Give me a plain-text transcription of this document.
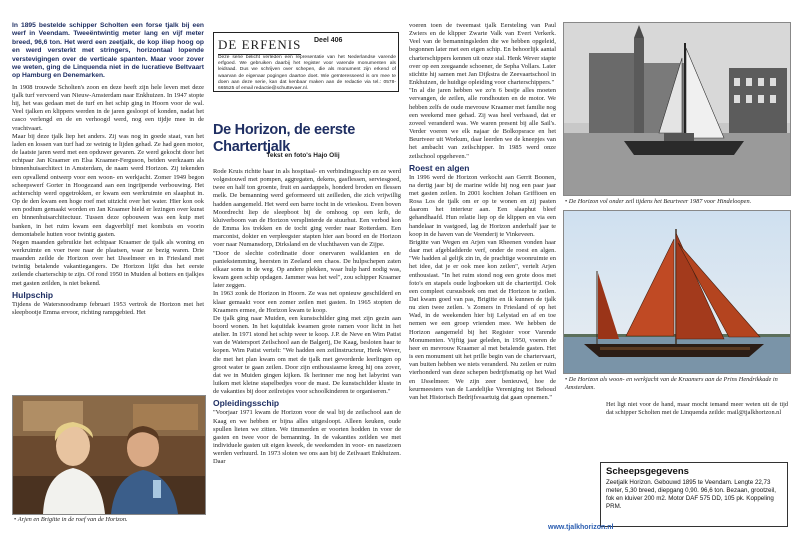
In 1895 bestelde schipper Scholten een forse tjalk bij een werf in Veendam. Tweeëntwintig meter lang en vijf meter breed, 96,6 ton. Het werd een zeetjalk, de kop iliep hoog op en werd versterkt met stringers, horizontaal lopende verstevigingen over de verticale spanten. Maar voor zover we weten, ging de Linquenda niet in de lucratieve Beltvaart op Hamburg en Denemarken.

In 1908 trouwde Scholten's zoon en deze heeft zijn hele leven met deze tjalk turf vervoerd van Nieuw-Amsterdam naar Enkhuizen. In 1947 stopte hij, het was gedaan met de turf en het schip ging in Hoorn voor de wal. Veel tjalken en klippers werden in de jaren gesloopt of konden, nadat het casco verlengd en de en verhoogd werd, nog een tijdje mee in de vrachtvaart.

Maar bij deze tjalk liep het anders. Zij was nog in goede staat, van het laden en lossen van turf had ze weinig te lijden gehad. Ze had geen motor, de laatste jaren werd met een opduwer gevaren. Ze werd gekocht door het echtpaar Jan Kraamer en Elsa Kraamer-Ferguson, beiden werkzaam als binnenhuisarchitect in Amsterdam, de naam werd Horizon. Zij tekenden een opvallend ontwerp voor een woon- en werkjacht. Zomer 1949 begon scheepswerf Gorter in Hoogezand aan een ingrijpende verbouwing. Het achterschip werd opgetrokken, er kwam een werkruimte en slaaphut in. Op de den kwam een hoge roef met uitzicht over het water. Hier kon ook een podium gemaakt worden en Jan Kraamer hield er lezingen over kunst en binnenhuisarchitectuur. Tussen deze opbouwen was een kuip met banken, in het ruim kwam een dagverblijf met kombuis en voorin demontabele hutten voor twintig gasten.

Negen maanden gebruikte het echtpaar Kraamer de tjalk als woning en werkruimte en voer twee naar de plaatsen, waar ze bezig waren. Drie maanden zeilde de Horizon over het IJsselmeer en in Friesland met twintig betalende vakantiegangers. De Horizon lijkt dus het eerste zeilende charterschip te zijn. Of rond 1950 in Muiden al botters en tjalkjes met gasten zeilden, is niet bekend.

Hulpschip

Tijdens de Watersnoodramp februari 1953 vertrok de Horizon met het sleepbootje Emma ervoor, richting rampgebied. Het

• Arjen en Brigitte in de roef van de Horizon.
DE ERFENIS Deel 406
Deze serie belicht verleden een representatie van het Nederlandse varende erfgoed. We gebruiken daarbij het register voor varende monumenten als leidraad. Dus we schrijven over schepen, die als monument zijn erkend of waarvan de eigenaar pogingen daartoe doet. Wie geïnteresseerd is om mee te doen aan deze serie, kan dat kenbaar maken aan de redactie via tel.: 0578-665525 of email redactie@schuttevaer.nl.
De Horizon, de eerste Chartertjalk
Tekst en foto's Hajo Olij

Rode Kruis richtte haar in als hospitaal- en verbindingsschip en ze werd volgestouwd met pompen, aggregaten, dekens, gasflessen, serviesgoed, twee en half ton groente, fruit en aardappels, honderd broden en flessen melk. De bemanning werd geformeerd uit zeilleden, die zich vrijwillig hadden aangemeld. Het werd een barre tocht in de vrieskou. Even boven Moordrecht liep de sleepboot bij de omhoog op een krib, de kluiverboom van de Horizon versplinterde de stuurhut. Een verbod kon de Emma los trekken en de tocht ging verder naar Rotterdam. Een marconist, dokter en verpleegster stapten hier aan boord en de Horizon voer naar Numansdorp, Dirksland en de vluchthaven van de Zijpe.

"Door de slechte coördinatie door onervaren walklanten en de paniekstemming, heersten in Zeeland een chaos. De hulpschepen zaten elkaar soms in de weg. Op andere plekken, waar hulp hard nodig was, kwam geen schip opdagen. Jammer was het wel", zou schipper Kraamer later zeggen.

In 1963 zonk de Horizon in Hoorn. Ze was net opnieuw geschilderd en klaar gemaakt voor een zomer zeilen met gasten. In 1965 stopten de Kraamers ermee, de Horizon kwam te koop.

De tjalk ging naar Muiden, een kunstschilder ging met zijn gezin aan boord wonen. In het kajuitdak kwamen grote ramen voor licht in het atelier. In 1971 stond het schip weer te koop. J.P. de Neve en Wim Patist van de Watersport Zeilschool aan de Balgerij, De Kaag, besloten haar te kopen. Wim Patist vertelt: "We hadden een zeilinstructeur, Henk Wever, die met het plan kwam om met de tjalk met gevorderde leerlingen op groot water te gaan zeilen. Door zijn enthousiasme kreeg hij ons zover, dat we in Muiden gingen kijken. Ik herinner me nog het labyrint van luiken met kleine stapelbedjes voor de mast. De kunstschilder kluste in de vakanties bij door zeilreisjes voor schoolkinderen te organiseren."

Opleidingsschip

"Voorjaar 1971 kwam de Horizon voor de wal bij de zeilschool aan de Kaag en we hebben er bijna alles uitgesloopt. Alleen keuken, oude spullen lieten we zitten. We timmerden er voorten hodden in voor de gasten en twee voor de bemanning. In de vakanties zeilden we met individuele gasten uit eigen kweek, de weekenden in voor- en naseizoen werden verhuurd. In 1973 sloten we ons aan bij de Zeilvaart Enkhuizen. Daar

voeren toen de tweemast tjalk Eersteling van Paul Zwiers en de klipper Zwarte Valk van Evert Verkerk. Veel van de bemanningsleden die we hebben opgeleid, begonnen later met een eigen schip. En behoorlijk aantal charterschippers kennen uit onze stal. Henk Wever stapte over op een zeegaande schoener, de Sepha Vollars. Later stichtte hij samen met Jan Dijkstra de Zeevaartschool in Enkhuizen, de huidige opleiding voor charterschippers."

"In al die jaren hebben we zo'n 6 bestje alles moeten vervangen, de zeilen, alle rondhouten en de motor. We hebben zelfs de oude mevrouw Kraamer met familie nog een weekend mee gehad. Zij was heel verbaasd, dat er zoveel veranderd was. We waren present bij alle Sail's. Verder voeren we elk najaar de Bolkopsrace en het Beurtveer uit Workum, daar leerden we de kneepjes van het ambacht van zeilschipper. In 1985 werd onze zeilschool opgeheven."

Roest en algen

In 1996 werd de Horizon verkocht aan Gerrit Boonen, na dertig jaar bij de marine wilde hij nog een paar jaar met gasten zeilen. In 2001 kochten Johan Griffioen en Rosa Los de tjalk om er op te wonen en zij pasten daarom het interieur aan. Een slaaphut bleef gehandhaafd. Hun relatie liep op de klippen en via een handelaar in vastgoed, lag de Horizon anderhalf jaar te koop in de haven van de Veenderij te Vinkeveen.

Brigitte van Wegen en Arjen van Rheenen vonden haar daar met afgebladderde verf, onder de roest en algen. "We hadden al gelijk zin in, de prachtige woonruimte en het idee, dat je er ook mee kon zeilen", vertelt Arjen enthousiast. "In het ruim stond nog een grote doos met foto's en stapels oude logboeken uit de chartertijd. Ook een compleet cursusboek om met de Horizon te zeilen. Dat kwam goed van pas, Brigitte en ik kunnen de tjalk nu zien twee zeilen. 's Zomers in Friesland of op het Wad, in de weekenden hier bij Lelystad en af en toe nemen we een groep vrienden mee. We hebben de Horizon aangemeld bij het Register voor Varende Monumenten. Vijftig jaar geleden, in 1950, voeren de heer en mevrouw Kraamer al met betalende gasten. Het is een monument uit het prille begin van de chartervaart, van buiten hebben we niets veranderd. Nu zeilen er ruim vierhonderd van deze schepen bedrijfsmatig op het Wad en IJsselmeer. We zijn zeer benieuwd, hoe de keurmeesters van de Landelijke Vereniging tot Behoud van het Historisch Bedrijfsvaartuig dat gaan opnemen."

• De Horizon vol onder zeil tijdens het Beurtveer 1987 voor Hindeloopen.
• De Horizon als woon- en werkjacht van de Kraamers aan de Prins Hendrikkade in Amsterdam.

Het ligt niet voor de hand, maar mocht iemand meer weten uit de tijd dat schipper Scholten met de Linquenda zeilde: mail@tjalkhorizon.nl

Scheepsgegevens
Zeetjalk Horizon. Gebouwd 1895 te Veendam. Lengte 22,73 meter, 5,30 breed, diepgang 0,90. 96,6 ton. Bezaan, grootzeil, fok en kluiver 200 m2. Motor DAF 575 DD, 105 pk. Koppeling PRM.
www.tjalkhorizon.nl
